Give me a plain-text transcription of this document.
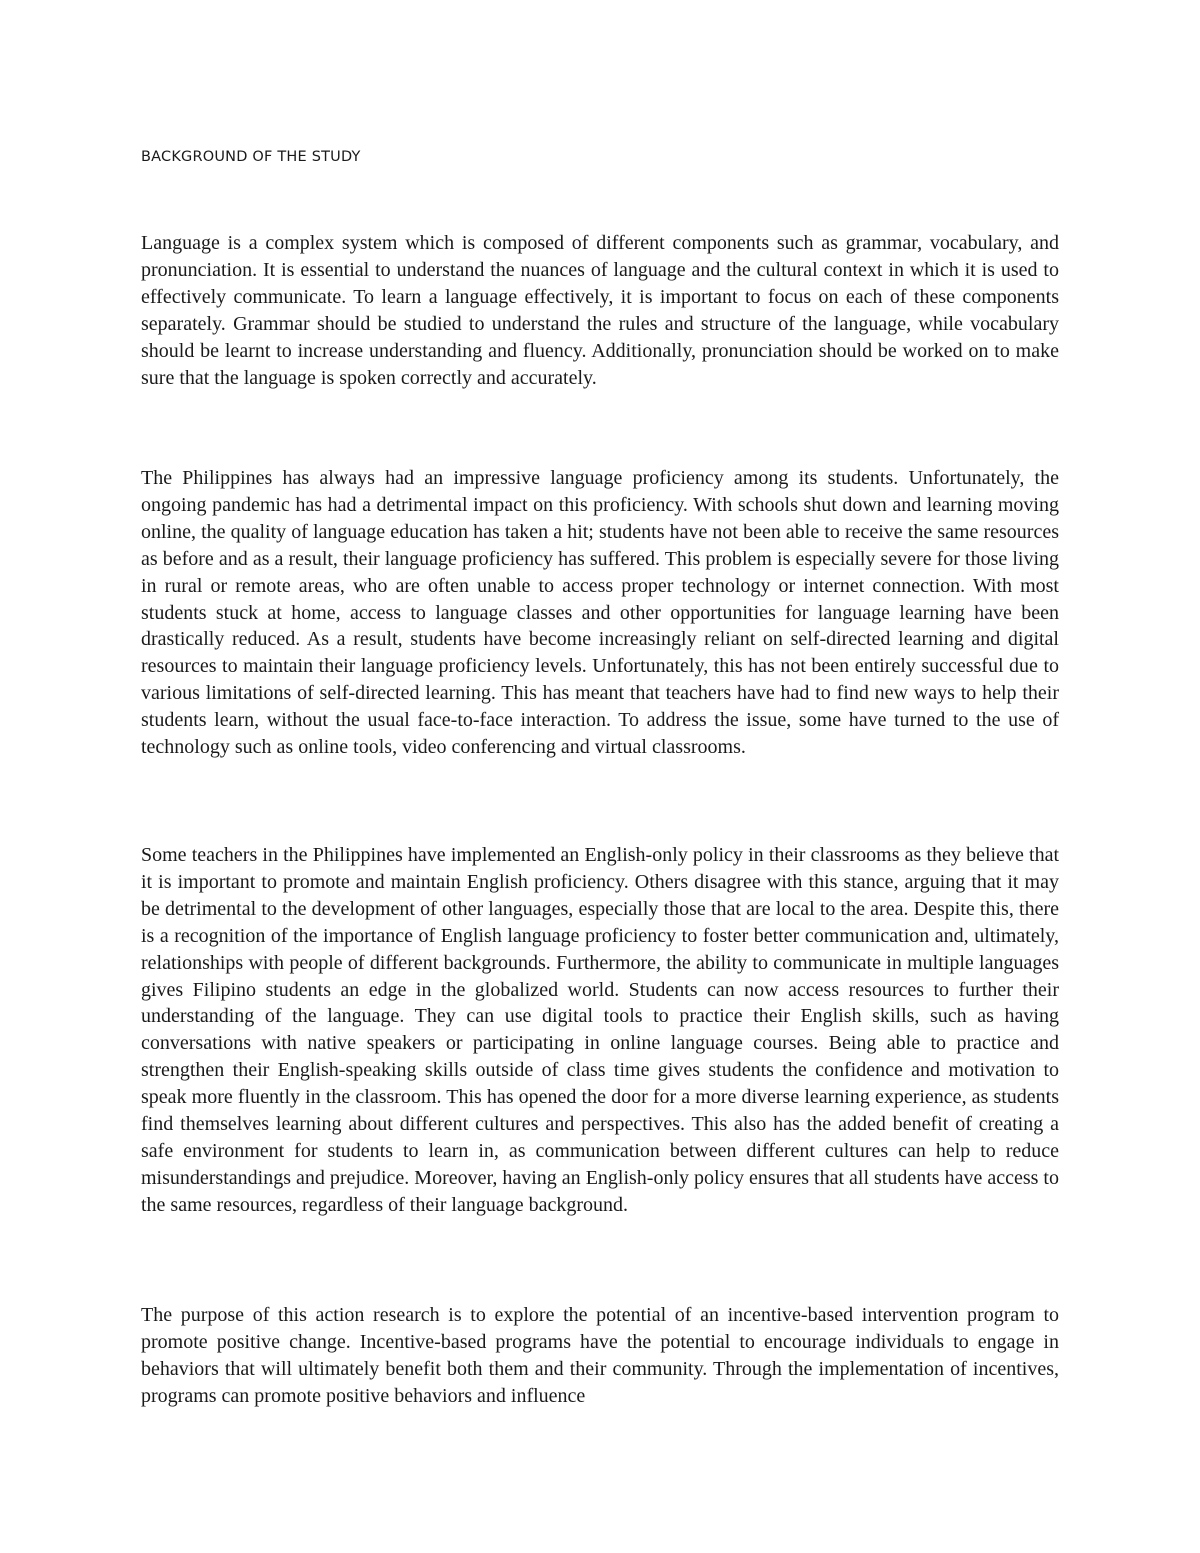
BACKGROUND OF THE STUDY

Language is a complex system which is composed of different components such as grammar, vocabulary, and pronunciation. It is essential to understand the nuances of language and the cultural context in which it is used to effectively communicate. To learn a language effectively, it is important to focus on each of these components separately. Grammar should be studied to understand the rules and structure of the language, while vocabulary should be learnt to increase understanding and fluency. Additionally, pronunciation should be worked on to make sure that the language is spoken correctly and accurately.

The Philippines has always had an impressive language proficiency among its students. Unfortunately, the ongoing pandemic has had a detrimental impact on this proficiency. With schools shut down and learning moving online, the quality of language education has taken a hit; students have not been able to receive the same resources as before and as a result, their language proficiency has suffered. This problem is especially severe for those living in rural or remote areas, who are often unable to access proper technology or internet connection. With most students stuck at home, access to language classes and other opportunities for language learning have been drastically reduced. As a result, students have become increasingly reliant on self-directed learning and digital resources to maintain their language proficiency levels. Unfortunately, this has not been entirely successful due to various limitations of self-directed learning. This has meant that teachers have had to find new ways to help their students learn, without the usual face-to-face interaction. To address the issue, some have turned to the use of technology such as online tools, video conferencing and virtual classrooms.

Some teachers in the Philippines have implemented an English-only policy in their classrooms as they believe that it is important to promote and maintain English proficiency. Others disagree with this stance, arguing that it may be detrimental to the development of other languages, especially those that are local to the area. Despite this, there is a recognition of the importance of English language proficiency to foster better communication and, ultimately, relationships with people of different backgrounds. Furthermore, the ability to communicate in multiple languages gives Filipino students an edge in the globalized world. Students can now access resources to further their understanding of the language. They can use digital tools to practice their English skills, such as having conversations with native speakers or participating in online language courses. Being able to practice and strengthen their English-speaking skills outside of class time gives students the confidence and motivation to speak more fluently in the classroom. This has opened the door for a more diverse learning experience, as students find themselves learning about different cultures and perspectives. This also has the added benefit of creating a safe environment for students to learn in, as communication between different cultures can help to reduce misunderstandings and prejudice. Moreover, having an English-only policy ensures that all students have access to the same resources, regardless of their language background.

The purpose of this action research is to explore the potential of an incentive-based intervention program to promote positive change. Incentive-based programs have the potential to encourage individuals to engage in behaviors that will ultimately benefit both them and their community. Through the implementation of incentives, programs can promote positive behaviors and influence
